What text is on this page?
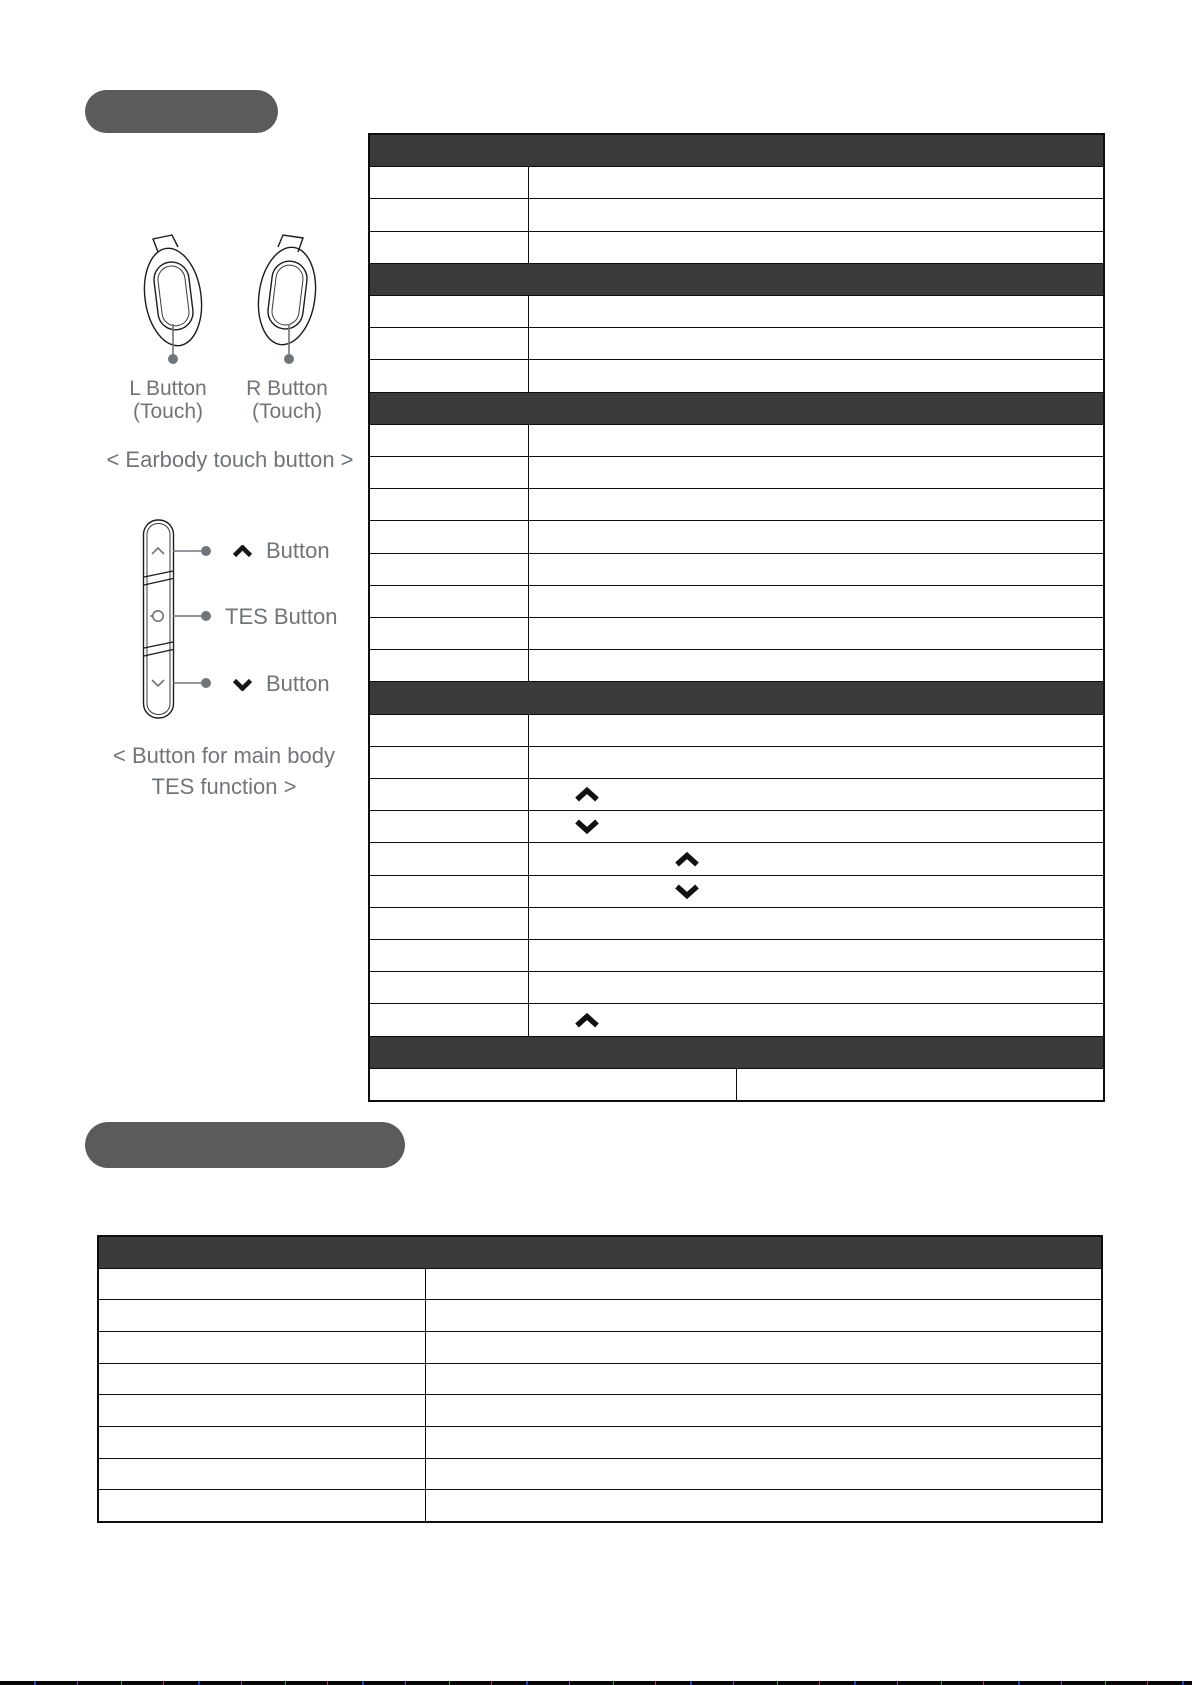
L Button
(Touch)
R Button
(Touch)
< Earbody touch button >
Button
TES Button
Button
< Button for main body
TES function >
